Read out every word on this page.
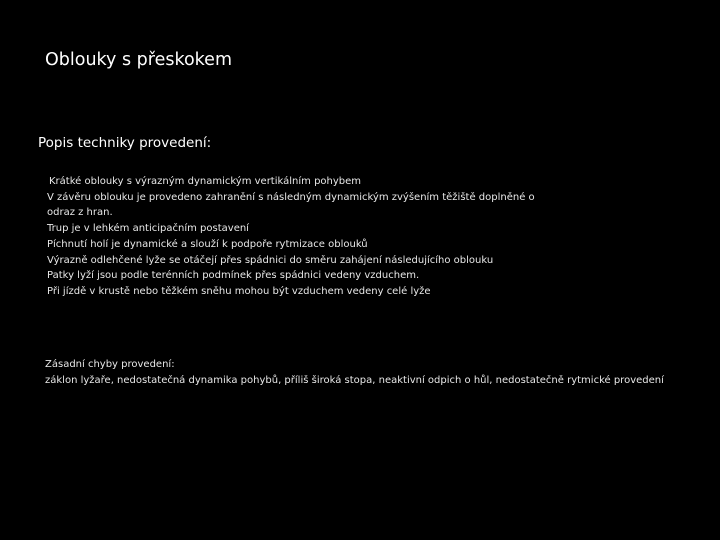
Oblouky s přeskokem
Popis techniky provedení:
Krátké oblouky s výrazným dynamickým vertikálním pohybem
V závěru oblouku je provedeno zahranění s následným dynamickým zvýšením těžiště doplněné o
odraz z hran.
Trup je v lehkém anticipačním postavení
Píchnutí holí je dynamické a slouží k podpoře rytmizace oblouků
Výrazně odlehčené lyže se otáčejí přes spádnici do směru zahájení následujícího oblouku
Patky lyží jsou podle terénních podmínek přes spádnici vedeny vzduchem.
Při jízdě v krustě nebo těžkém sněhu mohou být vzduchem vedeny celé lyže
Zásadní chyby provedení:
záklon lyžaře, nedostatečná dynamika pohybů, příliš široká stopa, neaktivní odpich o hůl, nedostatečně rytmické provedení
